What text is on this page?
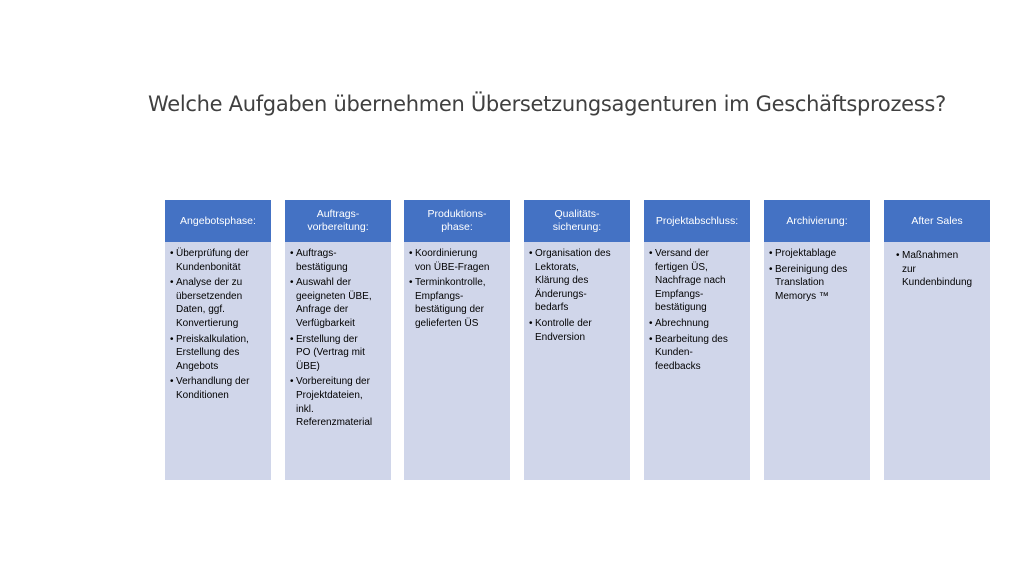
Welche Aufgaben übernehmen Übersetzungsagenturen im Geschäftsprozess?
Angebotsphase:
• Überprüfung der
Kundenbonität
• Analyse der zu
übersetzenden
Daten, ggf.
Konvertierung
• Preiskalkulation,
Erstellung des
Angebots
• Verhandlung der
Konditionen
Auftrags-
vorbereitung:
• Auftrags-
bestätigung
• Auswahl der
geeigneten ÜBE,
Anfrage der
Verfügbarkeit
• Erstellung der
PO (Vertrag mit
ÜBE)
• Vorbereitung der
Projektdateien,
inkl.
Referenzmaterial
Produktions-
phase:
• Koordinierung
von ÜBE-Fragen
• Terminkontrolle,
Empfangs-
bestätigung der
gelieferten ÜS
Qualitäts-
sicherung:
• Organisation des
Lektorats,
Klärung des
Änderungs-
bedarfs
• Kontrolle der
Endversion
Projektabschluss:
• Versand der
fertigen ÜS,
Nachfrage nach
Empfangs-
bestätigung
• Abrechnung
• Bearbeitung des
Kunden-
feedbacks
Archivierung:
• Projektablage
• Bereinigung des
Translation
Memorys ™
After Sales
• Maßnahmen
zur
Kundenbindung
